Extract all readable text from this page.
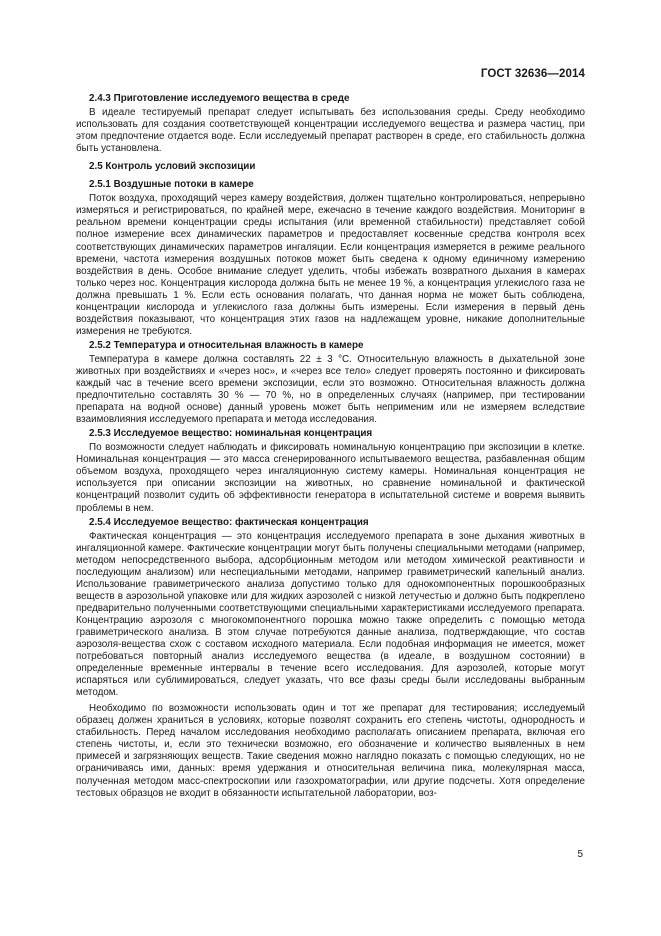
ГОСТ 32636—2014
2.4.3 Приготовление исследуемого вещества в среде

В идеале тестируемый препарат следует испытывать без использования среды. Среду необходимо использовать для создания соответствующей концентрации исследуемого вещества и размера частиц, при этом предпочтение отдается воде. Если исследуемый препарат растворен в среде, его стабильность должна быть установлена.

2.5 Контроль условий экспозиции
2.5.1 Воздушные потоки в камере

Поток воздуха, проходящий через камеру воздействия, должен тщательно контролироваться, непрерывно измеряться и регистрироваться, по крайней мере, ежечасно в течение каждого воздействия. Мониторинг в реальном времени концентрации среды испытания (или временной стабильности) представляет собой полное измерение всех динамических параметров и предоставляет косвенные средства контроля всех соответствующих динамических параметров ингаляции. Если концентрация измеряется в режиме реального времени, частота измерения воздушных потоков может быть сведена к одному единичному измерению воздействия в день. Особое внимание следует уделить, чтобы избежать возвратного дыхания в камерах только через нос. Концентрация кислорода должна быть не менее 19 %, а концентрация углекислого газа не должна превышать 1 %. Если есть основания полагать, что данная норма не может быть соблюдена, концентрации кислорода и углекислого газа должны быть измерены. Если измерения в первый день воздействия показывают, что концентрация этих газов на надлежащем уровне, никакие дополнительные измерения не требуются.

2.5.2 Температура и относительная влажность в камере

Температура в камере должна составлять 22 ± 3 °С. Относительную влажность в дыхательной зоне животных при воздействиях и «через нос», и «через все тело» следует проверять постоянно и фиксировать каждый час в течение всего времени экспозиции, если это возможно. Относительная влажность должна предпочтительно составлять 30 % — 70 %, но в определенных случаях (например, при тестировании препарата на водной основе) данный уровень может быть неприменим или не измеряем вследствие взаимовлияния исследуемого препарата и метода исследования.

2.5.3 Исследуемое вещество: номинальная концентрация

По возможности следует наблюдать и фиксировать номинальную концентрацию при экспозиции в клетке. Номинальная концентрация — это масса сгенерированного испытываемого вещества, разбавленная общим объемом воздуха, проходящего через ингаляционную систему камеры. Номинальная концентрация не используется при описании экспозиции на животных, но сравнение номинальной и фактической концентраций позволит судить об эффективности генератора в испытательной системе и вовремя выявить проблемы в нем.

2.5.4 Исследуемое вещество: фактическая концентрация

Фактическая концентрация — это концентрация исследуемого препарата в зоне дыхания животных в ингаляционной камере. Фактические концентрации могут быть получены специальными методами (например, методом непосредственного выбора, адсорбционным методом или методом химической реактивности и последующим анализом) или неспециальными методами, например гравиметрический капельный анализ. Использование гравиметрического анализа допустимо только для однокомпонентных порошкообразных веществ в аэрозольной упаковке или для жидких аэрозолей с низкой летучестью и должно быть подкреплено предварительно полученными соответствующими специальными характеристиками исследуемого препарата. Концентрацию аэрозоля с многокомпонентного порошка можно также определить с помощью метода гравиметрического анализа. В этом случае потребуются данные анализа, подтверждающие, что состав аэрозоля-вещества схож с составом исходного материала. Если подобная информация не имеется, может потребоваться повторный анализ исследуемого вещества (в идеале, в воздушном состоянии) в определенные временные интервалы в течение всего исследования. Для аэрозолей, которые могут испаряться или сублимироваться, следует указать, что все фазы среды были исследованы выбранным методом.

Необходимо по возможности использовать один и тот же препарат для тестирования; исследуемый образец должен храниться в условиях, которые позволят сохранить его степень чистоты, однородность и стабильность. Перед началом исследования необходимо располагать описанием препарата, включая его степень чистоты, и, если это технически возможно, его обозначение и количество выявленных в нем примесей и загрязняющих веществ. Такие сведения можно наглядно показать с помощью следующих, но не ограничиваясь ими, данных: время удержания и относительная величина пика, молекулярная масса, полученная методом масс-спектроскопии или газохроматографии, или другие подсчеты. Хотя определение тестовых образцов не входит в обязанности испытательной лаборатории, воз-

5
